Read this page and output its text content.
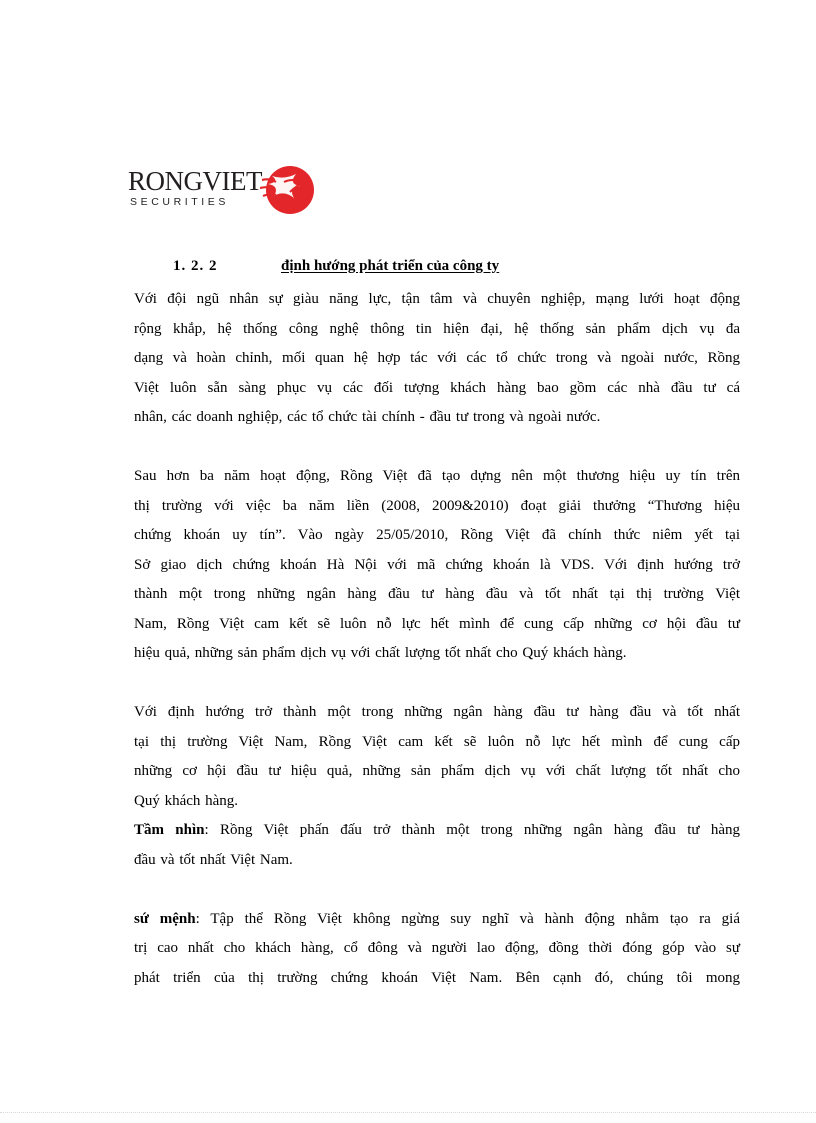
RONGVIET
SECURITIES
1. 2. 2	định hướng phát triển của công ty
Với đội ngũ nhân sự giàu năng lực, tận tâm và chuyên nghiệp, mạng lưới hoạt động
rộng khắp, hệ thống công nghệ thông tin hiện đại, hệ thống sản phẩm dịch vụ đa
dạng và hoàn chỉnh, mối quan hệ hợp tác với các tổ chức trong và ngoài nước, Rồng
Việt luôn sẵn sàng phục vụ các đối tượng khách hàng bao gồm các nhà đầu tư cá
nhân, các doanh nghiệp, các tổ chức tài chính - đầu tư trong và ngoài nước.
Sau hơn ba năm hoạt động, Rồng Việt đã tạo dựng nên một thương hiệu uy tín trên
thị trường với việc ba năm liền (2008, 2009&2010) đoạt giải thưởng “Thương hiệu
chứng khoán uy tín”. Vào ngày 25/05/2010, Rồng Việt đã chính thức niêm yết tại
Sở giao dịch chứng khoán Hà Nội với mã chứng khoán là VDS. Với định hướng trở
thành một trong những ngân hàng đầu tư hàng đầu và tốt nhất tại thị trường Việt
Nam, Rồng Việt cam kết sẽ luôn nỗ lực hết mình để cung cấp những cơ hội đầu tư
hiệu quả, những sản phẩm dịch vụ với chất lượng tốt nhất cho Quý khách hàng.
Với định hướng trở thành một trong những ngân hàng đầu tư hàng đầu và tốt nhất
tại thị trường Việt Nam, Rồng Việt cam kết sẽ luôn nỗ lực hết mình để cung cấp
những cơ hội đầu tư hiệu quả, những sản phẩm dịch vụ với chất lượng tốt nhất cho
Quý khách hàng.
Tầm nhìn: Rồng Việt phấn đấu trở thành một trong những ngân hàng đầu tư hàng
đầu và tốt nhất Việt Nam.
sứ mệnh: Tập thể Rồng Việt không ngừng suy nghĩ và hành động nhằm tạo ra giá
trị cao nhất cho khách hàng, cổ đông và người lao động, đồng thời đóng góp vào sự
phát triển của thị trường chứng khoán Việt Nam. Bên cạnh đó, chúng tôi mong
